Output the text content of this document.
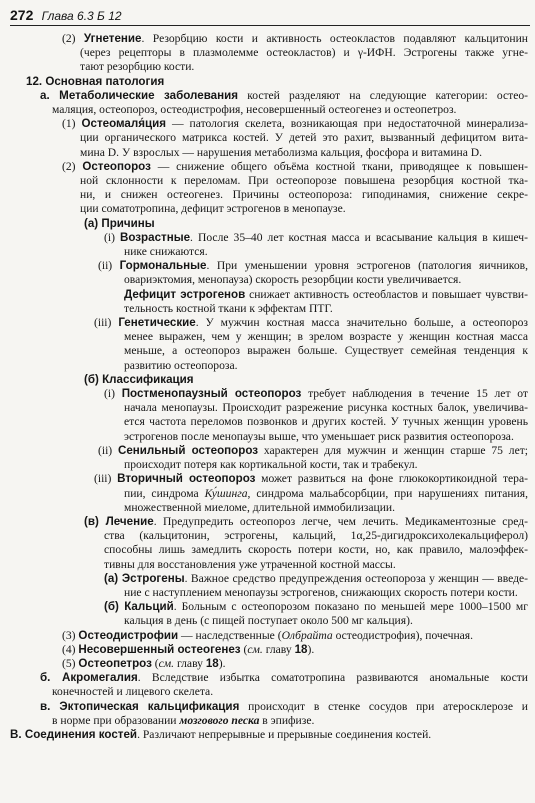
272 Глава 6.3 Б 12
(2) Угнетение. Резорбцию кости и активность остеокластов подавляют кальцитонин
(через рецепторы в плазмолемме остеокластов) и γ-ИФН. Эстрогены также угне-
тают резорбцию кости.
12. Основная патология
а. Метаболические заболевания костей разделяют на следующие категории: остео-
маляция, остеопороз, остеодистрофия, несовершенный остеогенез и остеопетроз.
(1) Остеомаля́ция — патология скелета, возникающая при недостаточной минерализа-
ции органического матрикса костей. У детей это рахит, вызванный дефицитом вита-
мина D. У взрослых — нарушения метаболизма кальция, фосфора и витамина D.
(2) Остеопороз — снижение общего объёма костной ткани, приводящее к повышен-
ной склонности к переломам. При остеопорозе повышена резорбция костной тка-
ни, и снижен остеогенез. Причины остеопороза: гиподинамия, снижение секре-
ции соматотропина, дефицит эстрогенов в менопаузе.
(а) Причины
(i) Возрастные. После 35–40 лет костная масса и всасывание кальция в кишеч-
нике снижаются.
(ii) Гормональные. При уменьшении уровня эстрогенов (патология яичников,
овариэктомия, менопауза) скорость резорбции кости увеличивается.
Дефицит эстрогенов снижает активность остеобластов и повышает чувстви-
тельность костной ткани к эффектам ПТГ.
(iii) Генетические. У мужчин костная масса значительно больше, а остеопороз
менее выражен, чем у женщин; в зрелом возрасте у женщин костная масса
меньше, а остеопороз выражен больше. Существует семейная тенденция к
развитию остеопороза.
(б) Классификация
(i) Постменопаузный остеопороз требует наблюдения в течение 15 лет от
начала менопаузы. Происходит разрежение рисунка костных балок, увеличива-
ется частота переломов позвонков и других костей. У тучных женщин уровень
эстрогенов после менопаузы выше, что уменьшает риск развития остеопороза.
(ii) Сенильный остеопороз характерен для мужчин и женщин старше 75 лет;
происходит потеря как кортикальной кости, так и трабекул.
(iii) Вторичный остеопороз может развиться на фоне глюкокортикоидной тера-
пии, синдрома Ку́шинга, синдрома мальабсорбции, при нарушениях питания,
множественной миеломе, длительной иммобилизации.
(в) Лечение. Предупредить остеопороз легче, чем лечить. Медикаментозные сред-
ства (кальцитонин, эстрогены, кальций, 1α,25-дигидроксихолекальциферол)
способны лишь замедлить скорость потери кости, но, как правило, малоэффек-
тивны для восстановления уже утраченной костной массы.
(а) Эстрогены. Важное средство предупреждения остеопороза у женщин — введе-
ние с наступлением менопаузы эстрогенов, снижающих скорость потери кости.
(б) Кальций. Больным с остеопорозом показано по меньшей мере 1000–1500 мг
кальция в день (с пищей поступает около 500 мг кальция).
(3) Остеодистрофии — наследственные (Олбрайта остеодистрофия), почечная.
(4) Несовершенный остеогенез (см. главу 18).
(5) Остеопетроз (см. главу 18).
б. Акромегалия. Вследствие избытка соматотропина развиваются аномальные кости
конечностей и лицевого скелета.
в. Эктопическая кальцификация происходит в стенке сосудов при атеросклерозе и
в норме при образовании мозгового песка в эпифизе.
В. Соединения костей. Различают непрерывные и прерывные соединения костей.
